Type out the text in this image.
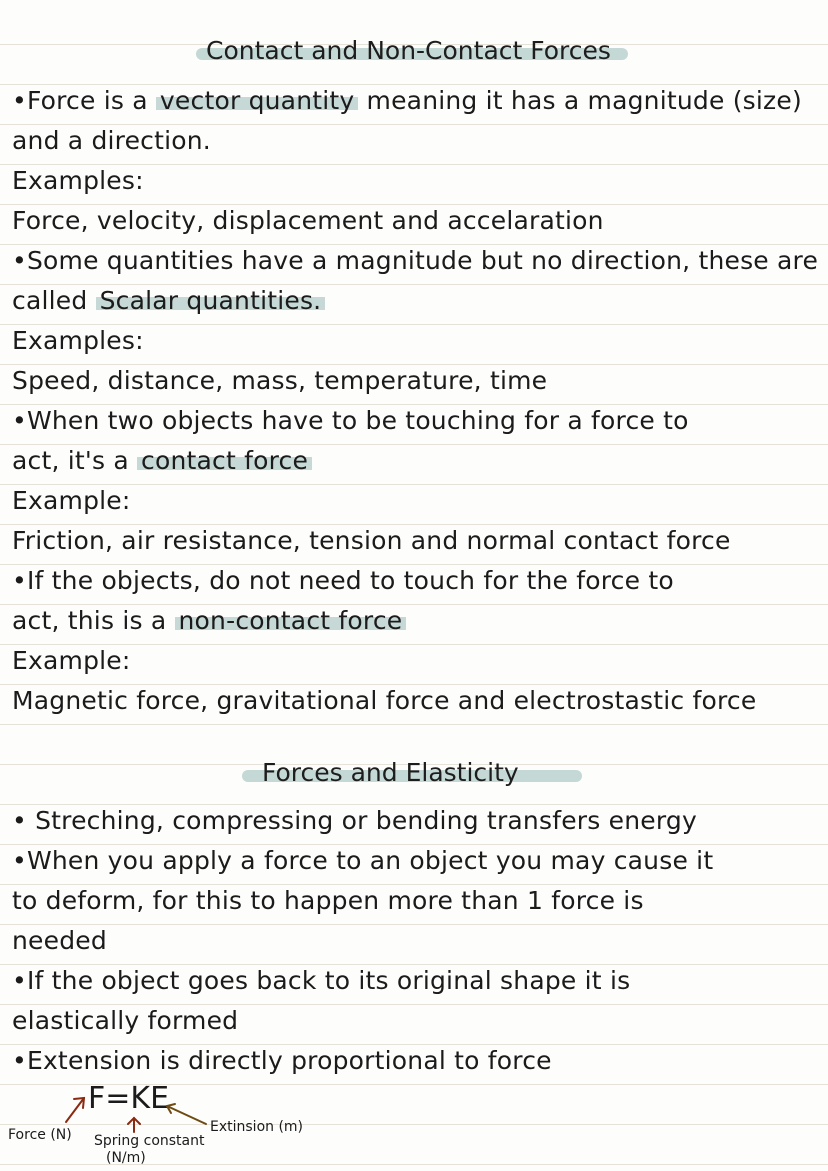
Contact and Non-Contact Forces
•Force is a vector quantity meaning it has a magnitude (size)
and a direction.
Examples:
Force, velocity, displacement and accelaration
•Some quantities have a magnitude but no direction, these are
called Scalar quantities.
Examples:
Speed, distance, mass, temperature, time
•When two objects have to be touching for a force to
act, it's a contact force
Example:
Friction, air resistance, tension and normal contact force
•If the objects, do not need to touch for the force to
act, this is a non-contact force
Example:
Magnetic force, gravitational force and electrostastic force
Forces and Elasticity
• Streching, compressing or bending transfers energy
•When you apply a force to an object you may cause it
to deform, for this to happen more than 1 force is
needed
•If the object goes back to its original shape it is
elastically formed
•Extension is directly proportional to force
F=KE
Force (N) Spring constant
(N/m)
Extinsion (m)
